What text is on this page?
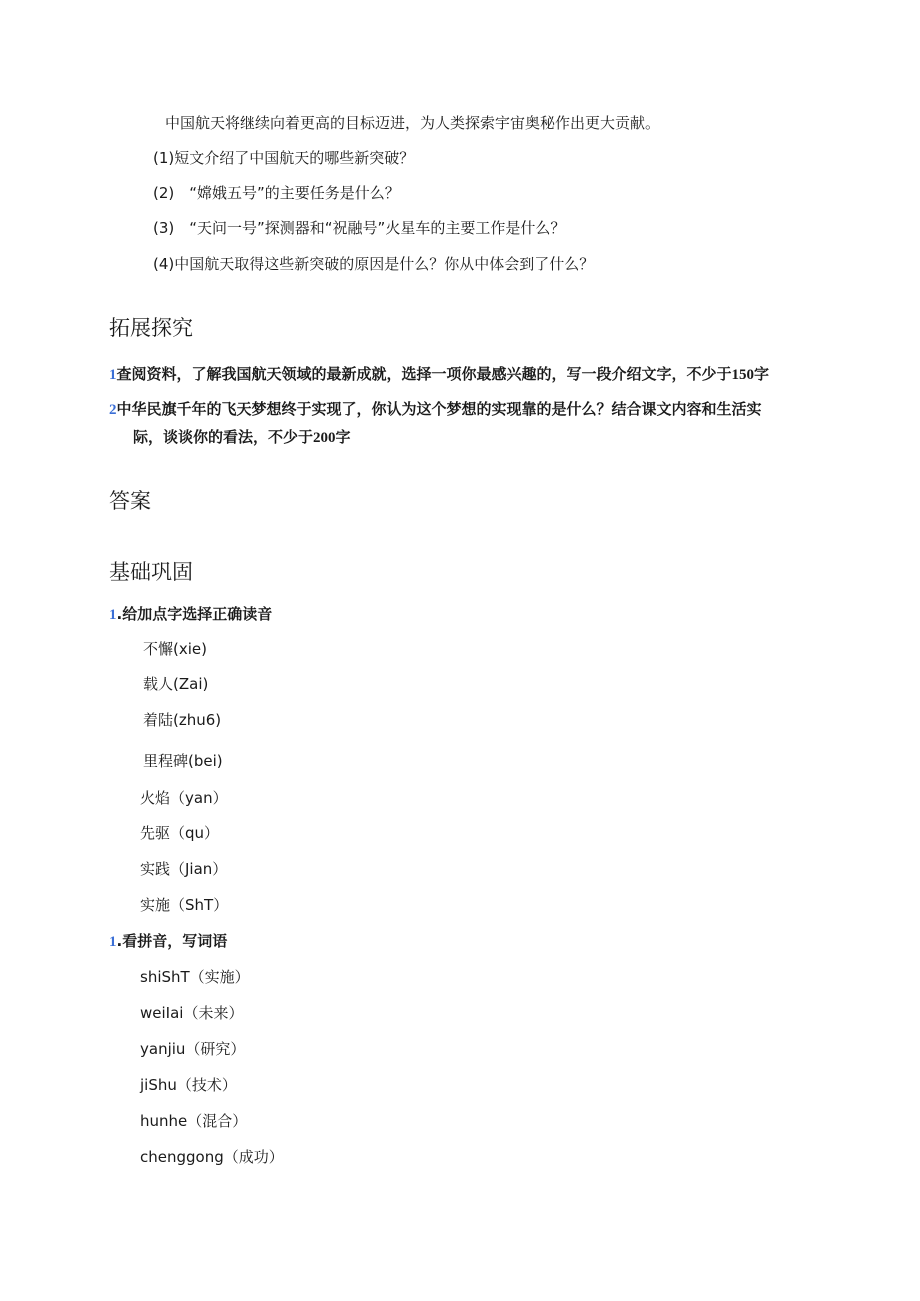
中国航天将继续向着更高的目标迈进，为人类探索宇宙奥秘作出更大贡献。
(1)短文介绍了中国航天的哪些新突破？
(2)　“嫦娥五号”的主要任务是什么？
(3)　“天问一号”探测器和“祝融号”火星车的主要工作是什么？
(4)中国航天取得这些新突破的原因是什么？你从中体会到了什么？
拓展探究
1查阅资料，了解我国航天领域的最新成就，选择一项你最感兴趣的，写一段介绍文字，不少于150字
2中华民旗千年的飞天梦想终于实现了，你认为这个梦想的实现靠的是什么？结合课文内容和生活实
际，谈谈你的看法，不少于200字
答案
基础巩固
1.给加点字选择正确读音
不懈(xie)
载人(Zai)
着陆(zhu6)
里程碑(bei)
火焰（yan）
先驱（qu）
实践（Jian）
实施（ShT）
1.看拼音，写词语
shiShT（实施）
weiIai（未来）
yanjiu（研究）
jiShu（技术）
hunhe（混合）
chenggong（成功）
